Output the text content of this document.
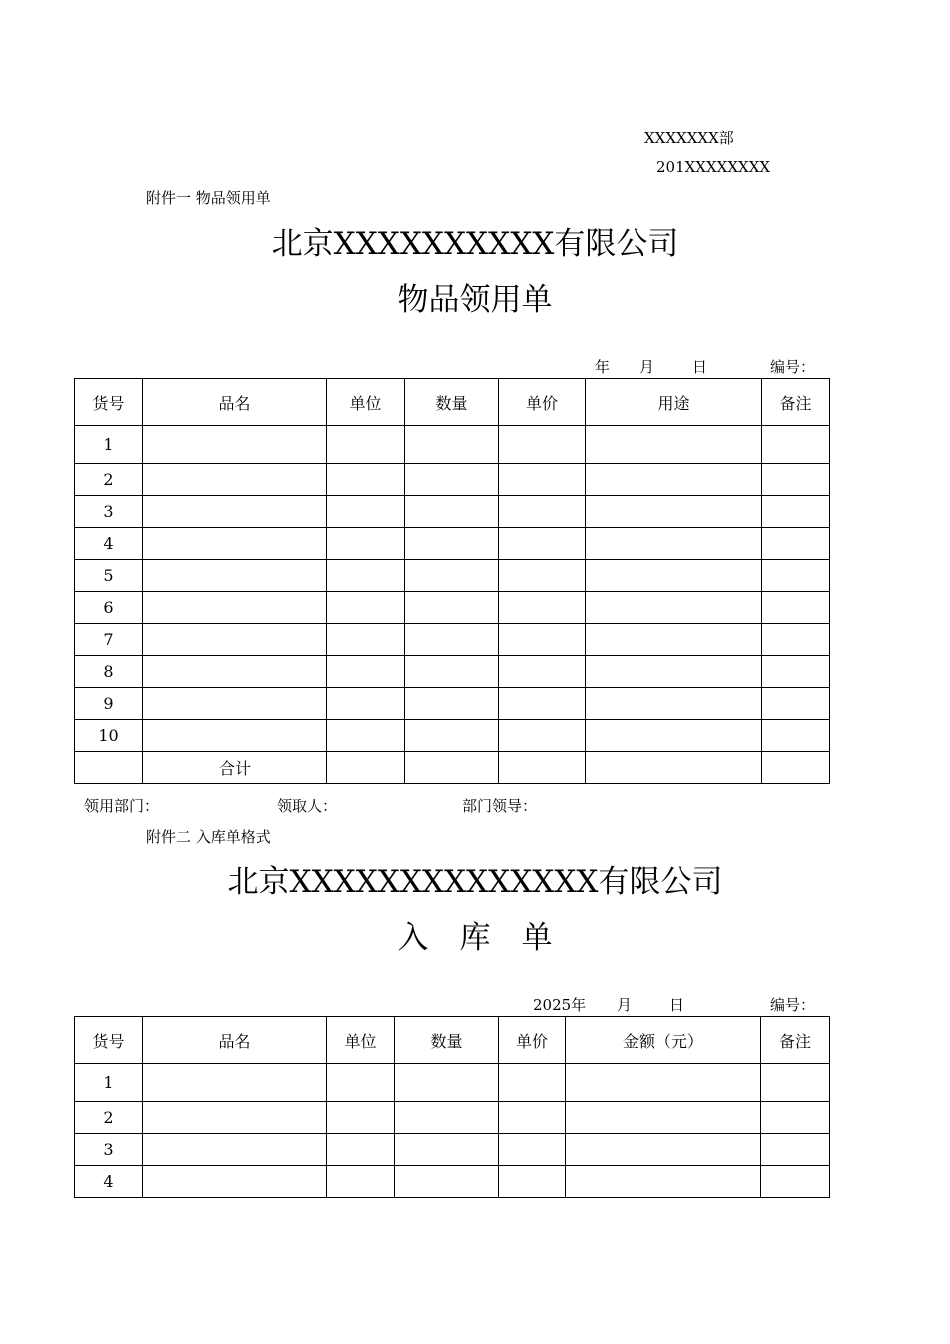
XXXXXXX部
201XXXXXXXX
附件一 物品领用单
北京XXXXXXXXXX有限公司
物品领用单
年 月	日	编号：
货号	品名	单位	数量	单价	用途	备注
1						
2						
3						
4						
5						
6						
7						
8						
9						
10						
	合计					
领用部门：	领取人：	部门领导：
附件二 入库单格式
北京XXXXXXXXXXXXXX有限公司
入　库　单
2025年 月 日	编号：
货号	品名	单位	数量	单价	金额（元）	备注
1						
2						
3						
4						
